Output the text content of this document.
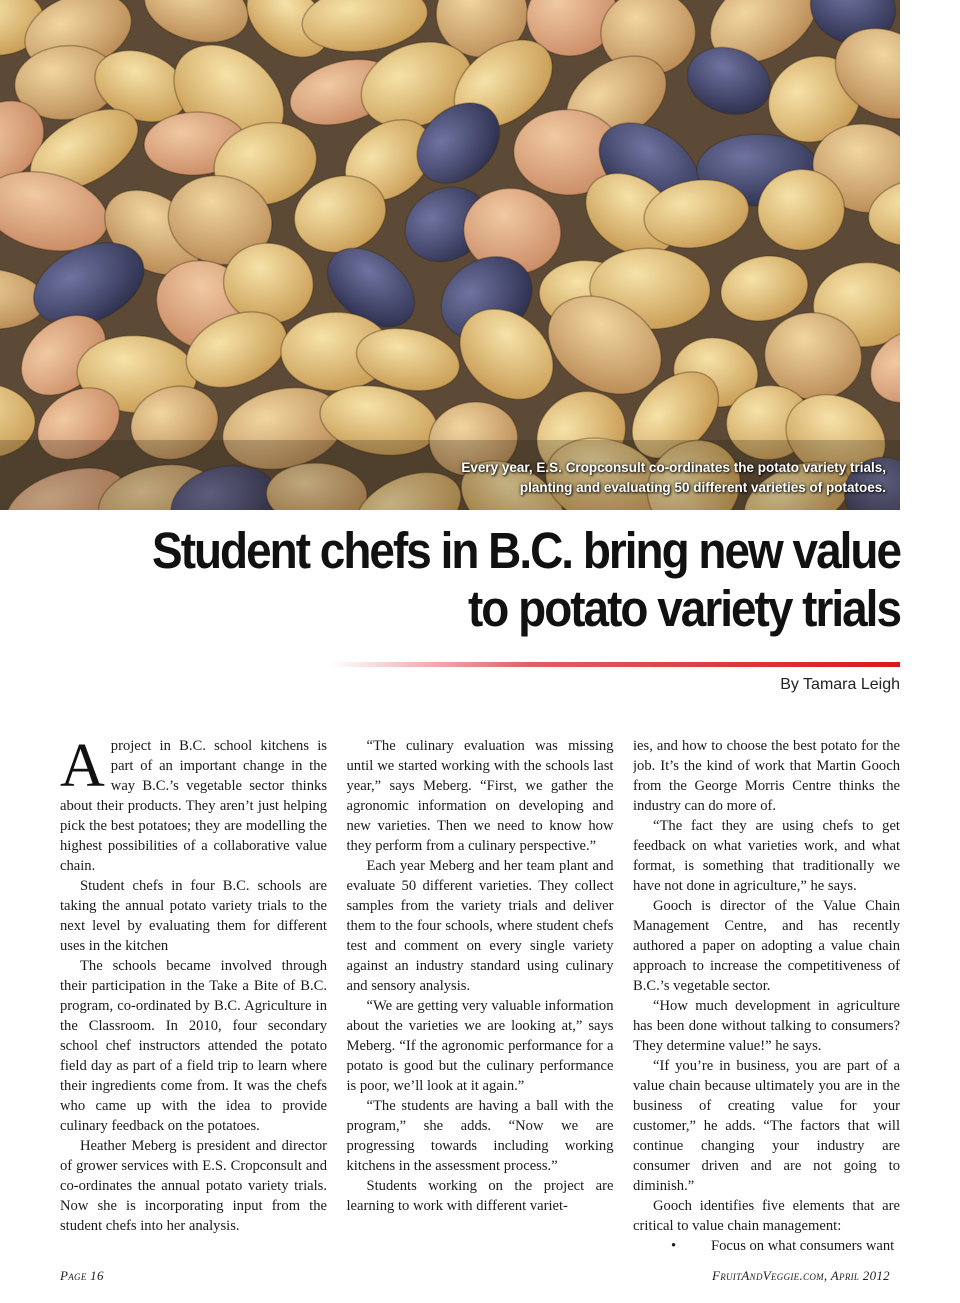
Every year, E.S. Cropconsult co-ordinates the potato variety trials,
planting and evaluating 50 different varieties of potatoes.
Student chefs in B.C. bring new value
to potato variety trials
By Tamara Leigh

Aproject in B.C. school kitchens is part of an important change in the way B.C.’s vegetable sector thinks about their products. They aren’t just helping pick the best potatoes; they are modelling the highest possibilities of a collaborative value chain.

Student chefs in four B.C. schools are taking the annual potato variety trials to the next level by evaluating them for different uses in the kitchen

The schools became involved through their participation in the Take a Bite of B.C. program, co-ordinated by B.C. Agriculture in the Classroom. In 2010, four secondary school chef instructors attended the potato field day as part of a field trip to learn where their ingredients come from. It was the chefs who came up with the idea to provide culinary feedback on the potatoes.

Heather Meberg is president and director of grower services with E.S. Cropconsult and co-ordinates the annual potato variety trials. Now she is incorporating input from the student chefs into her analysis.

“The culinary evaluation was missing until we started working with the schools last year,” says Meberg. “First, we gather the agronomic information on developing and new varieties. Then we need to know how they perform from a culinary perspective.”

Each year Meberg and her team plant and evaluate 50 different varieties. They collect samples from the variety trials and deliver them to the four schools, where student chefs test and comment on every single variety against an industry standard using culinary and sensory analysis.

“We are getting very valuable information about the varieties we are looking at,” says Meberg. “If the agronomic performance for a potato is good but the culinary performance is poor, we’ll look at it again.”

“The students are having a ball with the program,” she adds. “Now we are progressing towards including working kitchens in the assessment process.”

Students working on the project are learning to work with different variet-

ies, and how to choose the best potato for the job. It’s the kind of work that Martin Gooch from the George Morris Centre thinks the industry can do more of.

“The fact they are using chefs to get feedback on what varieties work, and what format, is something that traditionally we have not done in agriculture,” he says.

Gooch is director of the Value Chain Management Centre, and has recently authored a paper on adopting a value chain approach to increase the competitiveness of B.C.’s vegetable sector.

“How much development in agriculture has been done without talking to consumers? They determine value!” he says.

“If you’re in business, you are part of a value chain because ultimately you are in the business of creating value for your customer,” he adds. “The factors that will continue changing your industry are consumer driven and are not going to diminish.”

Gooch identifies five elements that are critical to value chain management:

•	Focus on what consumers want

Page 16	FruitAndVeggie.com, April 2012
